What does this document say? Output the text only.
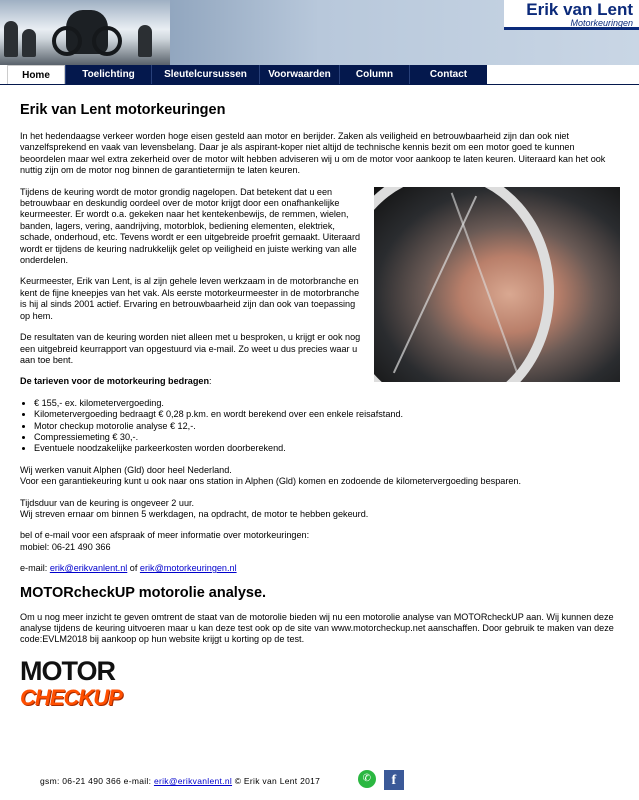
Erik van Lent
Motorkeuringen
Home	Toelichting	Sleutelcursussen	Voorwaarden	Column	Contact
Erik van Lent motorkeuringen

In het hedendaagse verkeer worden hoge eisen gesteld aan motor en berijder. Zaken als veiligheid en betrouwbaarheid zijn dan ook niet vanzelfsprekend en vaak van levensbelang. Daar je als aspirant-koper niet altijd de technische kennis bezit om een motor goed te kunnen beoordelen maar wel extra zekerheid over de motor wilt hebben adviseren wij u om de motor voor aankoop te laten keuren. Uiteraard kan het ook nuttig zijn om de motor nog binnen de garantietermijn te laten keuren.

Tijdens de keuring wordt de motor grondig nagelopen. Dat betekent dat u een betrouwbaar en deskundig oordeel over de motor krijgt door een onafhankelijke keurmeester. Er wordt o.a. gekeken naar het kentekenbewijs, de remmen, wielen, banden, lagers, vering, aandrijving, motorblok, bediening elementen, elektriek, schade, onderhoud, etc. Tevens wordt er een uitgebreide proefrit gemaakt. Uiteraard wordt er tijdens de keuring nadrukkelijk gelet op veiligheid en juiste werking van alle onderdelen.

Keurmeester, Erik van Lent, is al zijn gehele leven werkzaam in de motorbranche en kent de fijne kneepjes van het vak. Als eerste motorkeurmeester in de motorbranche is hij al sinds 2001 actief. Ervaring en betrouwbaarheid zijn dan ook van toepassing op hem.

De resultaten van de keuring worden niet alleen met u besproken, u krijgt er ook nog een uitgebreid keurrapport van opgestuurd via e-mail. Zo weet u dus precies waar u aan toe bent.

De tarieven voor de motorkeuring bedragen:

• € 155,- ex. kilometervergoeding.
• Kilometervergoeding bedraagt € 0,28 p.km. en wordt berekend over een enkele reisafstand.
• Motor checkup motorolie analyse € 12,-.
• Compressiemeting € 30,-.
• Eventuele noodzakelijke parkeerkosten worden doorberekend.

Wij werken vanuit Alphen (Gld) door heel Nederland.
Voor een garantiekeuring kunt u ook naar ons station in Alphen (Gld) komen en zodoende de kilometervergoeding besparen.

Tijdsduur van de keuring is ongeveer 2 uur.
Wij streven ernaar om binnen 5 werkdagen, na opdracht, de motor te hebben gekeurd.

bel of e-mail voor een afspraak of meer informatie over motorkeuringen:
mobiel: 06-21 490 366

e-mail: erik@erikvanlent.nl of erik@motorkeuringen.nl

MOTORcheckUP motorolie analyse.

Om u nog meer inzicht te geven omtrent de staat van de motorolie bieden wij nu een motorolie analyse van MOTORcheckUP aan. Wij kunnen deze analyse tijdens de keuring uitvoeren maar u kan deze test ook op de site van www.motorcheckup.net aanschaffen. Door gebruik te maken van deze code:EVLM2018 bij aankoop op hun website krijgt u korting op de test.

MOTOR
CHECKUP
gsm: 06-21 490 366 e-mail: erik@erikvanlent.nl © Erik van Lent 2017	✆	f
